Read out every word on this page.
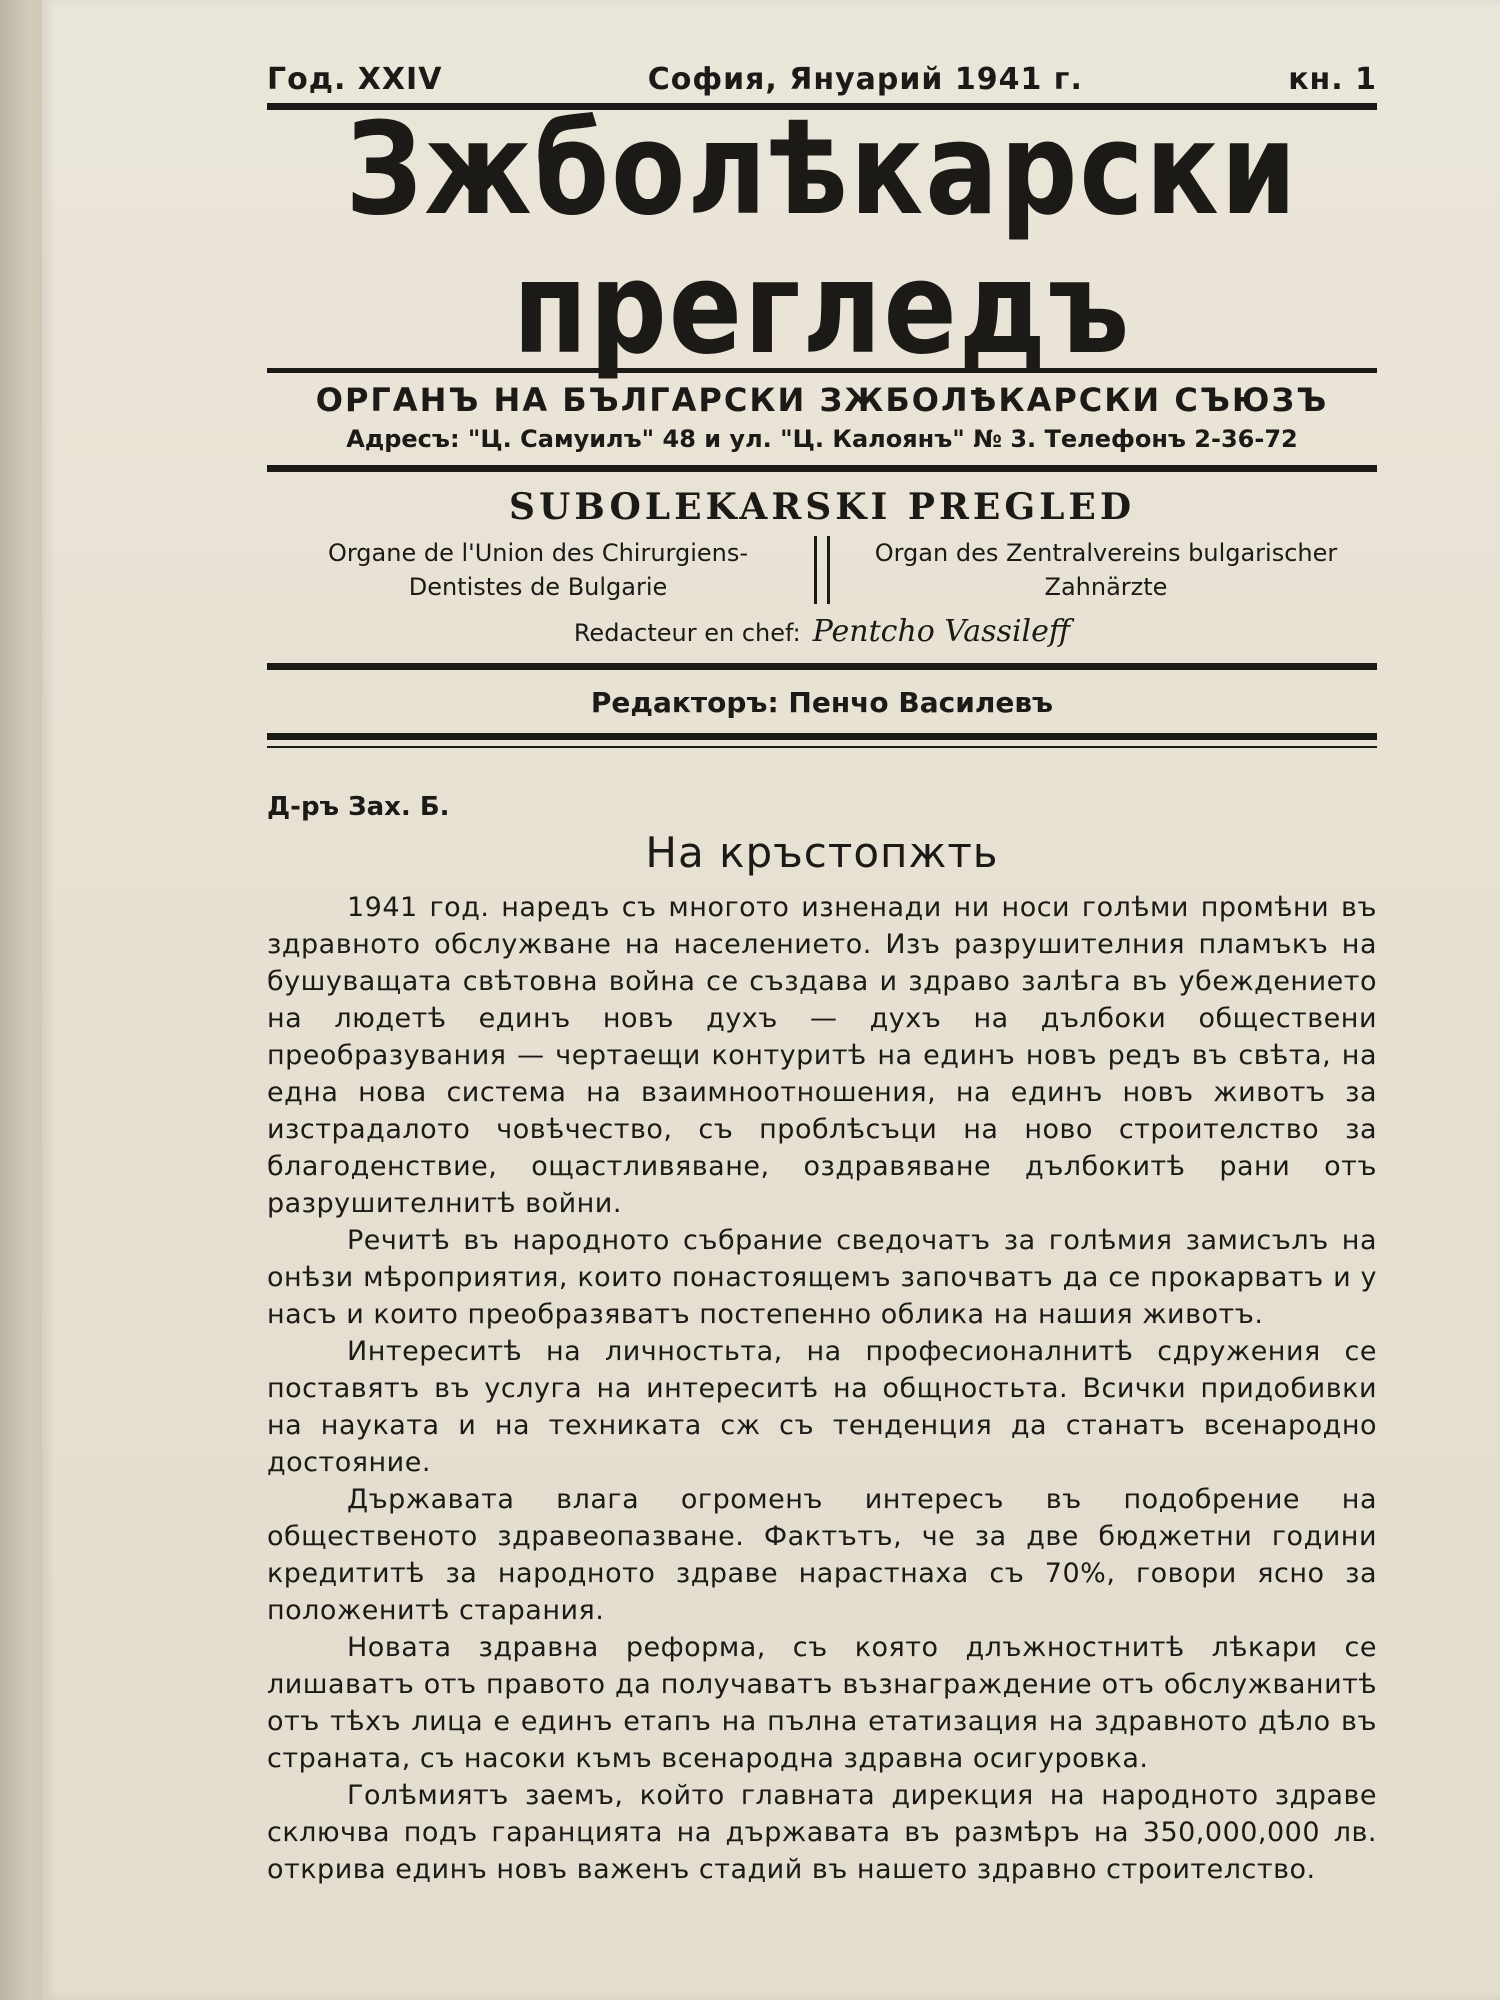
Год. XXIV	София, Януарий 1941 г.	кн. 1
Зжболѣкарски прегледъ
ОРГАНЪ НА БЪЛГАРСКИ ЗЖБОЛѢКАРСКИ СЪЮЗЪ
Адресъ: "Ц. Самуилъ" 48 и ул. "Ц. Калоянъ" № 3. Телефонъ 2-36-72
SUBOLEKARSKI PREGLED
Organe de l'Union des Chirurgiens-Dentistes de Bulgarie
Organ des Zentralvereins bulgarischer Zahnärzte
Redacteur en chef: Pentcho Vassileff
Редакторъ: Пенчо Василевъ
Д-ръ Зах. Б.
На кръстопжть

1941 год. наредъ съ многото изненади ни носи голѣми промѣни въ здравното обслужване на населението. Изъ разрушителния пламъкъ на бушуващата свѣтовна война се създава и здраво залѣга въ убеждението на людетѣ единъ новъ духъ — духъ на дълбоки обществени преобразувания — чертаещи контуритѣ на единъ новъ редъ въ свѣта, на една нова система на взаимноотношения, на единъ новъ животъ за изстрадалото човѣчество, съ проблѣсъци на ново строителство за благоденствие, ощастливяване, оздравяване дълбокитѣ рани отъ разрушителнитѣ войни.

Речитѣ въ народното събрание сведочатъ за голѣмия замисълъ на онѣзи мѣроприятия, които понастоящемъ започватъ да се прокарватъ и у насъ и които преобразяватъ постепенно облика на нашия животъ.

Интереситѣ на личностьта, на професионалнитѣ сдружения се поставятъ въ услуга на интереситѣ на общностьта. Всички придобивки на науката и на техниката сж съ тенденция да станатъ всенародно достояние.

Държавата влага огроменъ интересъ въ подобрение на общественото здравеопазване. Фактътъ, че за две бюджетни години кредититѣ за народното здраве нарастнаха съ 70%, говори ясно за положенитѣ старания.

Новата здравна реформа, съ която длъжностнитѣ лѣкари се лишаватъ отъ правото да получаватъ възнаграждение отъ обслужванитѣ отъ тѣхъ лица е единъ етапъ на пълна етатизация на здравното дѣло въ страната, съ насоки къмъ всенародна здравна осигуровка.

Голѣмиятъ заемъ, който главната дирекция на народното здраве сключва подъ гаранцията на държавата въ размѣръ на 350,000,000 лв. открива единъ новъ важенъ стадий въ нашето здравно строителство.
